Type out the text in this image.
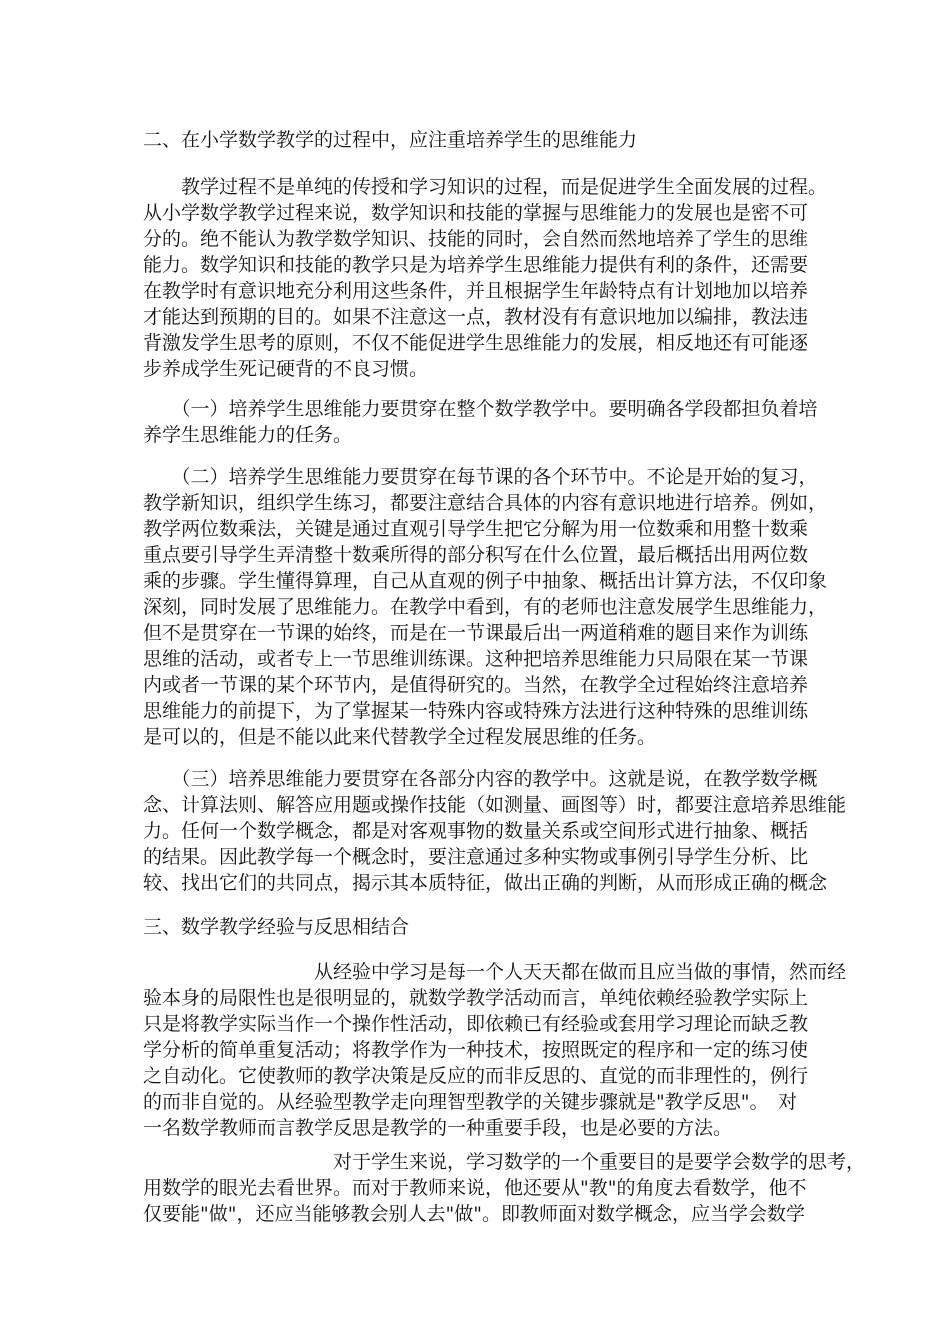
二、在小学数学教学的过程中，应注重培养学生的思维能力
　　教学过程不是单纯的传授和学习知识的过程，而是促进学生全面发展的过程。
从小学数学教学过程来说，数学知识和技能的掌握与思维能力的发展也是密不可
分的。绝不能认为教学数学知识、技能的同时，会自然而然地培养了学生的思维
能力。数学知识和技能的教学只是为培养学生思维能力提供有利的条件，还需要
在教学时有意识地充分利用这些条件，并且根据学生年龄特点有计划地加以培养
才能达到预期的目的。如果不注意这一点，教材没有有意识地加以编排，教法违
背激发学生思考的原则，不仅不能促进学生思维能力的发展，相反地还有可能逐
步养成学生死记硬背的不良习惯。
　　（一）培养学生思维能力要贯穿在整个数学教学中。要明确各学段都担负着培
养学生思维能力的任务。
　　（二）培养学生思维能力要贯穿在每节课的各个环节中。不论是开始的复习，
教学新知识，组织学生练习，都要注意结合具体的内容有意识地进行培养。例如，
教学两位数乘法，关键是通过直观引导学生把它分解为用一位数乘和用整十数乘
重点要引导学生弄清整十数乘所得的部分积写在什么位置，最后概括出用两位数
乘的步骤。学生懂得算理，自己从直观的例子中抽象、概括出计算方法，不仅印象
深刻，同时发展了思维能力。在教学中看到，有的老师也注意发展学生思维能力，
但不是贯穿在一节课的始终，而是在一节课最后出一两道稍难的题目来作为训练
思维的活动，或者专上一节思维训练课。这种把培养思维能力只局限在某一节课
内或者一节课的某个环节内，是值得研究的。当然，在教学全过程始终注意培养
思维能力的前提下，为了掌握某一特殊内容或特殊方法进行这种特殊的思维训练
是可以的，但是不能以此来代替教学全过程发展思维的任务。
　　（三）培养思维能力要贯穿在各部分内容的教学中。这就是说，在教学数学概
念、计算法则、解答应用题或操作技能（如测量、画图等）时，都要注意培养思维能
力。任何一个数学概念，都是对客观事物的数量关系或空间形式进行抽象、概括
的结果。因此教学每一个概念时，要注意通过多种实物或事例引导学生分析、比
较、找出它们的共同点，揭示其本质特征，做出正确的判断，从而形成正确的概念
三、数学教学经验与反思相结合
　　　　　　　　　从经验中学习是每一个人天天都在做而且应当做的事情，然而经
验本身的局限性也是很明显的，就数学教学活动而言，单纯依赖经验教学实际上
只是将教学实际当作一个操作性活动，即依赖已有经验或套用学习理论而缺乏教
学分析的简单重复活动；将教学作为一种技术，按照既定的程序和一定的练习使
之自动化。它使教师的教学决策是反应的而非反思的、直觉的而非理性的，例行
的而非自觉的。从经验型教学走向理智型教学的关键步骤就是"教学反思"。　对
一名数学教师而言教学反思是教学的一种重要手段，也是必要的方法。
　　　　　　　　　　对于学生来说，学习数学的一个重要目的是要学会数学的思考，
用数学的眼光去看世界。而对于教师来说，他还要从"教"的角度去看数学，他不
仅要能"做"，还应当能够教会别人去"做"。即教师面对数学概念，应当学会数学
